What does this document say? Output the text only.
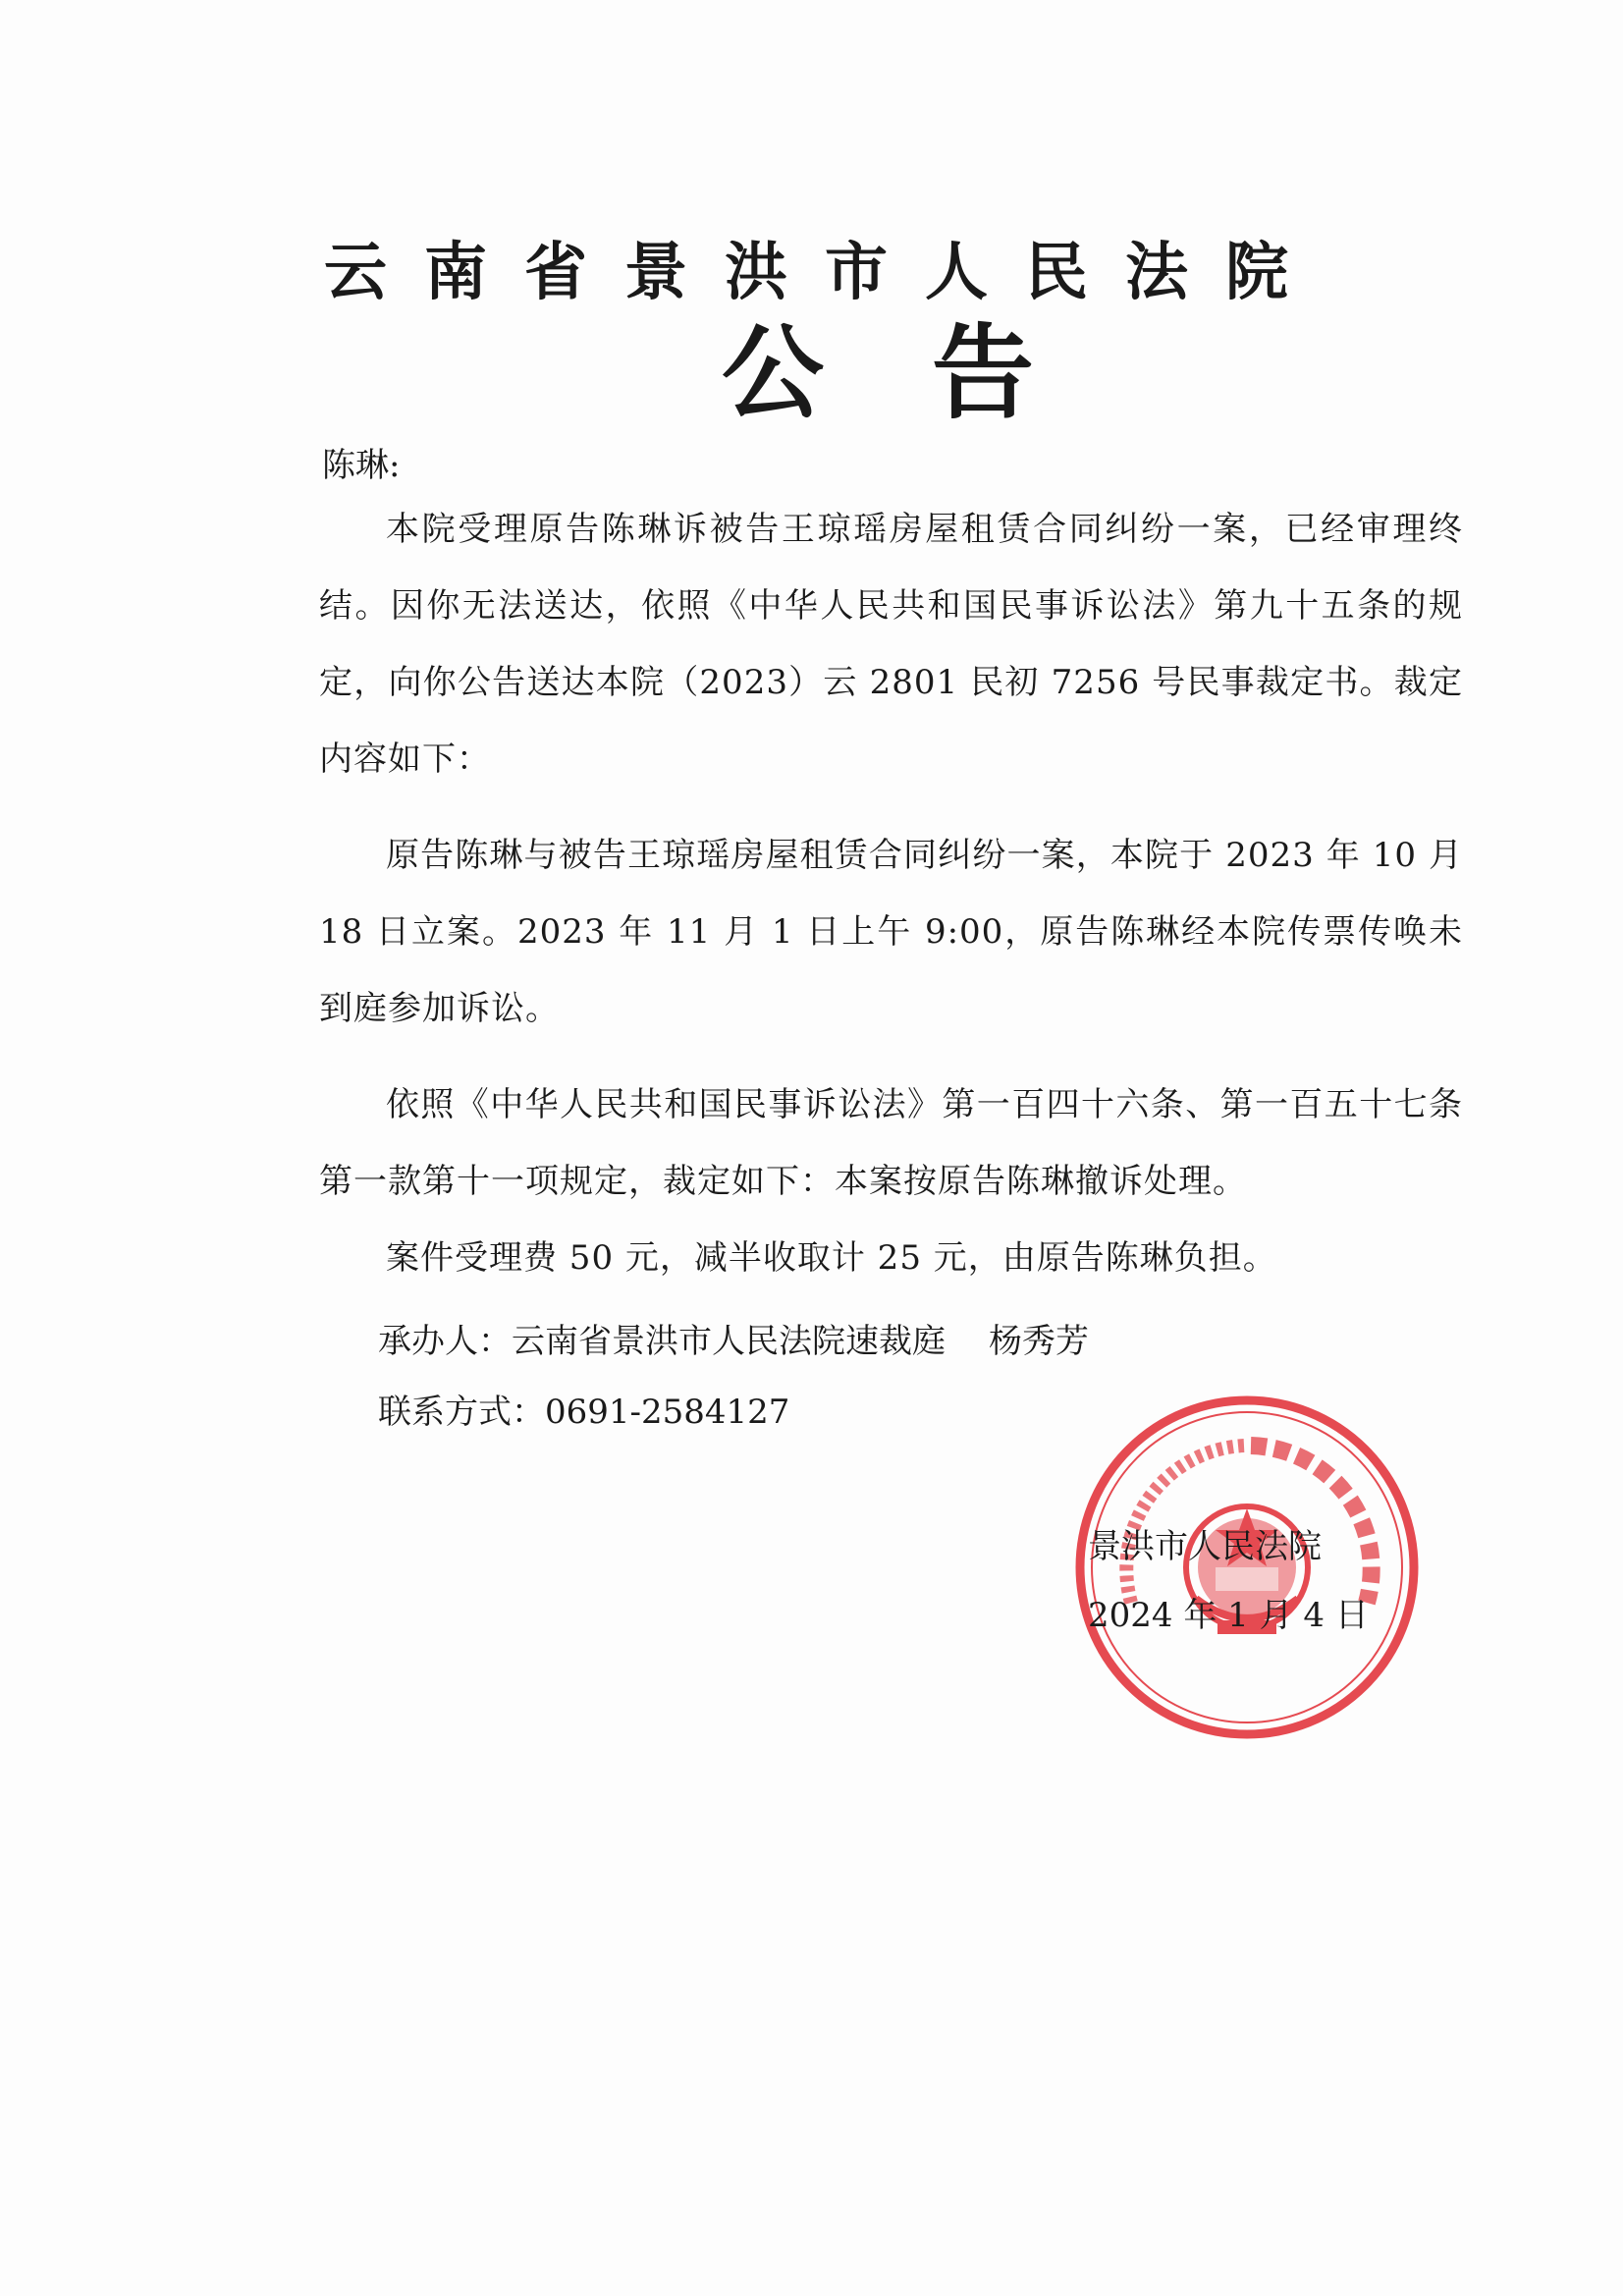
云南省景洪市人民法院
公告
陈琳:

本院受理原告陈琳诉被告王琼瑶房屋租赁合同纠纷一案，已经审理终结。因你无法送达，依照《中华人民共和国民事诉讼法》第九十五条的规定，向你公告送达本院（2023）云 2801 民初 7256 号民事裁定书。裁定内容如下：

原告陈琳与被告王琼瑶房屋租赁合同纠纷一案，本院于 2023 年 10 月 18 日立案。2023 年 11 月 1 日上午 9:00，原告陈琳经本院传票传唤未到庭参加诉讼。

依照《中华人民共和国民事诉讼法》第一百四十六条、第一百五十七条第一款第十一项规定，裁定如下：本案按原告陈琳撤诉处理。

案件受理费 50 元，减半收取计 25 元，由原告陈琳负担。

承办人：云南省景洪市人民法院速裁庭 杨秀芳
联系方式：0691-2584127
景洪市人民法院
2024 年 1 月 4 日
